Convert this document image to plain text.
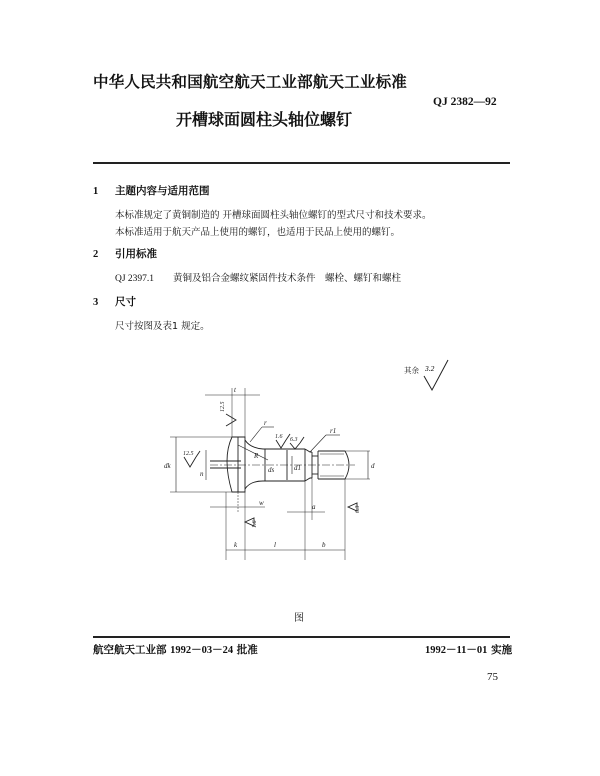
中华人民共和国航空航天工业部航天工业标准
QJ 2382—92
开槽球面圆柱头轴位螺钉
1 主题内容与适用范围
本标准规定了黄铜制造的 开槽球面圆柱头轴位螺钉的型式尺寸和技术要求。
本标准适用于航天产品上使用的螺钉，也适用于民品上使用的螺钉。
2 引用标准
QJ 2397.1 黄铜及铝合金螺纹紧固件技术条件　螺栓、螺钉和螺柱
3 尺寸
尺寸按图及表1 规定。
其余 3.2
t
dk
n
r
r1
R
ds	d1	d
w	a
k	l	b
12.5
12.5
1.6 6.3
1.6
6.3
图
航空航天工业部 1992－03－24 批准	1992－11－01 实施
75
